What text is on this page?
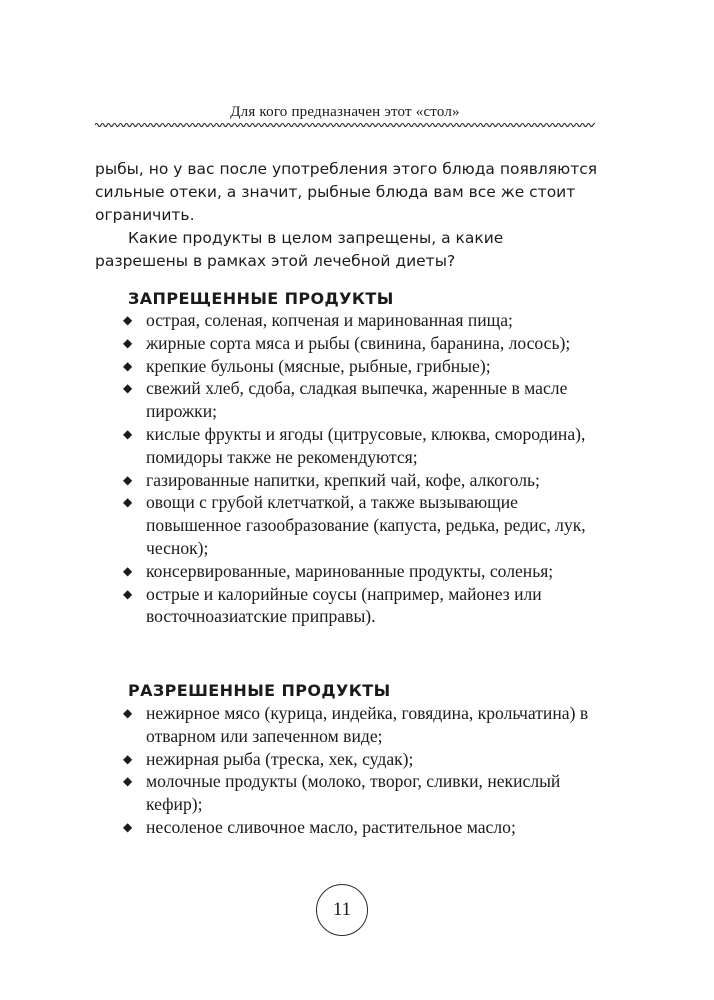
Для кого предназначен этот «стол»

рыбы, но у вас после употребления этого блюда появляются сильные отеки, а значит, рыбные блюда вам все же стоит ограничить.

Какие продукты в целом запрещены, а какие разрешены в рамках этой лечебной диеты?

ЗАПРЕЩЕННЫЕ ПРОДУКТЫ
◆ острая, соленая, копченая и маринованная пища;
◆ жирные сорта мяса и рыбы (свинина, баранина, лосось);
◆ крепкие бульоны (мясные, рыбные, грибные);
◆ свежий хлеб, сдоба, сладкая выпечка, жаренные в масле пирожки;
◆ кислые фрукты и ягоды (цитрусовые, клюква, смородина), помидоры также не рекомендуются;
◆ газированные напитки, крепкий чай, кофе, алкоголь;
◆ овощи с грубой клетчаткой, а также вызывающие повышенное газообразование (капуста, редька, редис, лук, чеснок);
◆ консервированные, маринованные продукты, соленья;
◆ острые и калорийные соусы (например, майонез или восточноазиатские приправы).
РАЗРЕШЕННЫЕ ПРОДУКТЫ
◆ нежирное мясо (курица, индейка, говядина, крольчатина) в отварном или запеченном виде;
◆ нежирная рыба (треска, хек, судак);
◆ молочные продукты (молоко, творог, сливки, некислый кефир);
◆ несоленое сливочное масло, растительное масло;
11
